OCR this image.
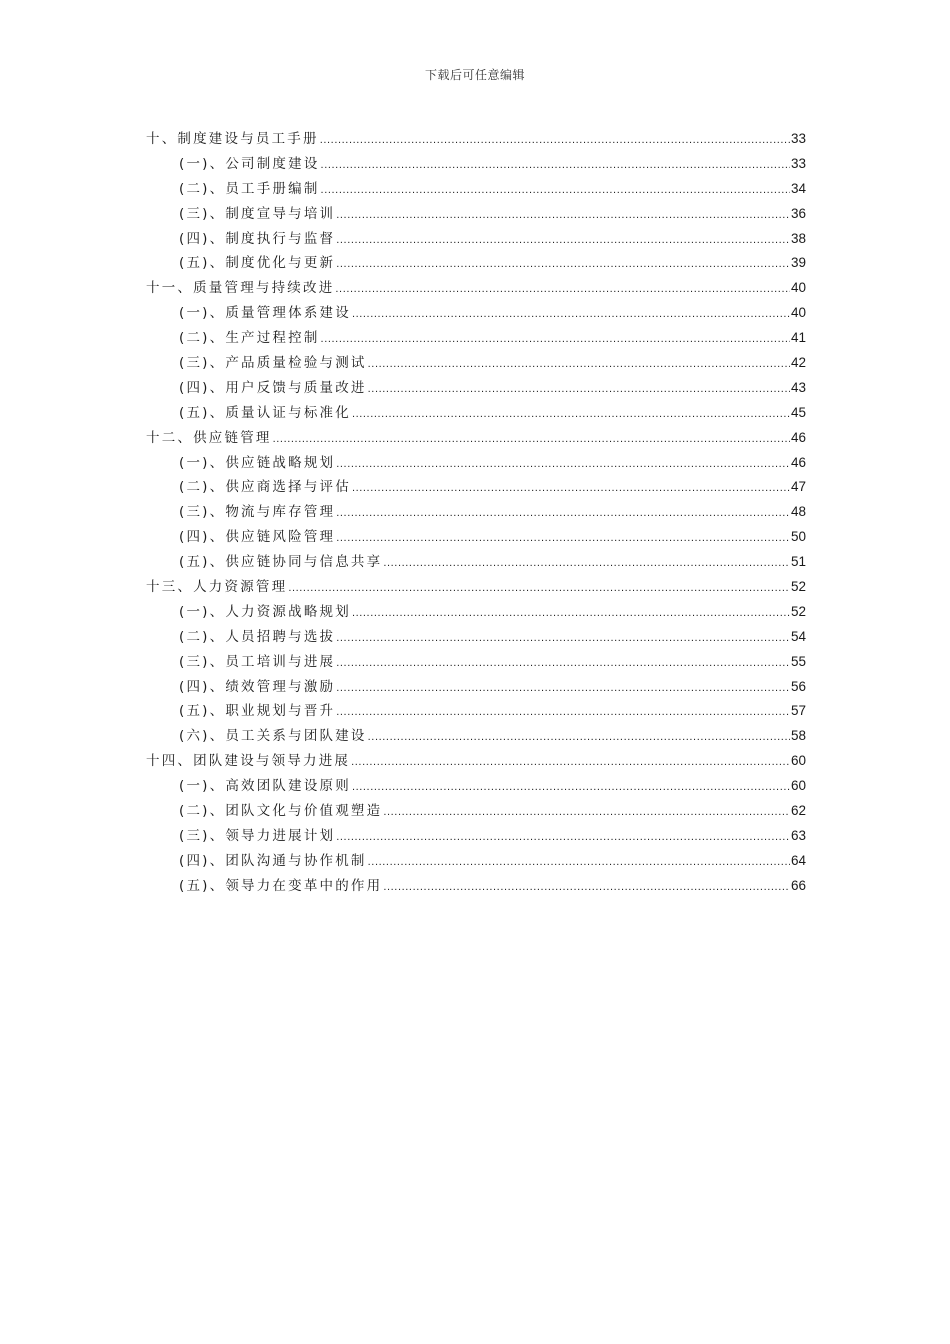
下载后可任意编辑
十、制度建设与员工手册 .....	33
(一)、公司制度建设 .....	33
(二)、员工手册编制 .....	34
(三)、制度宣导与培训 .....	36
(四)、制度执行与监督 .....	38
(五)、制度优化与更新 .....	39
十一、质量管理与持续改进 .....	40
(一)、质量管理体系建设 .....	40
(二)、生产过程控制 .....	41
(三)、产品质量检验与测试 .....	42
(四)、用户反馈与质量改进 .....	43
(五)、质量认证与标准化 .....	45
十二、供应链管理 .....	46
(一)、供应链战略规划 .....	46
(二)、供应商选择与评估 .....	47
(三)、物流与库存管理 .....	48
(四)、供应链风险管理 .....	50
(五)、供应链协同与信息共享 .....	51
十三、人力资源管理 .....	52
(一)、人力资源战略规划 .....	52
(二)、人员招聘与选拔 .....	54
(三)、员工培训与进展 .....	55
(四)、绩效管理与激励 .....	56
(五)、职业规划与晋升 .....	57
(六)、员工关系与团队建设 .....	58
十四、团队建设与领导力进展 .....	60
(一)、高效团队建设原则 .....	60
(二)、团队文化与价值观塑造 .....	62
(三)、领导力进展计划 .....	63
(四)、团队沟通与协作机制 .....	64
(五)、领导力在变革中的作用 .....	66
